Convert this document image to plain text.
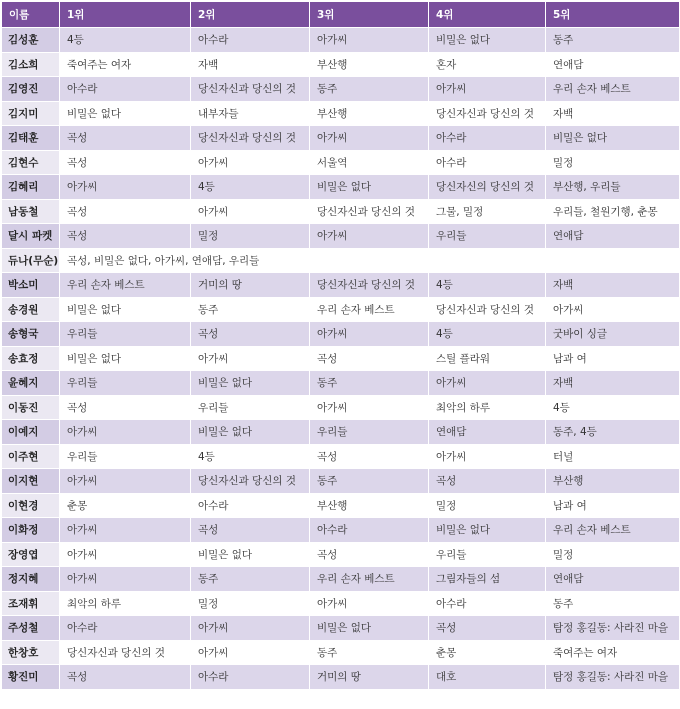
이름	1위	2위	3위	4위	5위
김성훈	4등	아수라	아가씨	비밀은 없다	동주
김소희	죽여주는 여자	자백	부산행	혼자	연애담
김영진	아수라	당신자신과 당신의 것	동주	아가씨	우리 손자 베스트
김지미	비밀은 없다	내부자들	부산행	당신자신과 당신의 것	자백
김태훈	곡성	당신자신과 당신의 것	아가씨	아수라	비밀은 없다
김현수	곡성	아가씨	서울역	아수라	밀정
김혜리	아가씨	4등	비밀은 없다	당신자신의 당신의 것	부산행, 우리들
남동철	곡성	아가씨	당신자신과 당신의 것	그물, 밀정	우리들, 철원기행, 춘몽
달시 파켓	곡성	밀정	아가씨	우리들	연애담
듀나(무순)	곡성, 비밀은 없다, 아가씨, 연애담, 우리들				
박소미	우리 손자 베스트	거미의 땅	당신자신과 당신의 것	4등	자백
송경원	비밀은 없다	동주	우리 손자 베스트	당신자신과 당신의 것	아가씨
송형국	우리들	곡성	아가씨	4등	굿바이 싱글
송효정	비밀은 없다	아가씨	곡성	스틸 플라워	남과 여
윤혜지	우리들	비밀은 없다	동주	아가씨	자백
이동진	곡성	우리들	아가씨	최악의 하루	4등
이예지	아가씨	비밀은 없다	우리들	연애담	동주, 4등
이주현	우리들	4등	곡성	아가씨	터널
이지현	아가씨	당신자신과 당신의 것	동주	곡성	부산행
이현경	춘몽	아수라	부산행	밀정	남과 여
이화정	아가씨	곡성	아수라	비밀은 없다	우리 손자 베스트
장영엽	아가씨	비밀은 없다	곡성	우리들	밀정
정지혜	아가씨	동주	우리 손자 베스트	그림자들의 섬	연애담
조재휘	최악의 하루	밀정	아가씨	아수라	동주
주성철	아수라	아가씨	비밀은 없다	곡성	탐정 홍길동: 사라진 마을
한창호	당신자신과 당신의 것	아가씨	동주	춘몽	죽여주는 여자
황진미	곡성	아수라	거미의 땅	대호	탐정 홍길동: 사라진 마을
